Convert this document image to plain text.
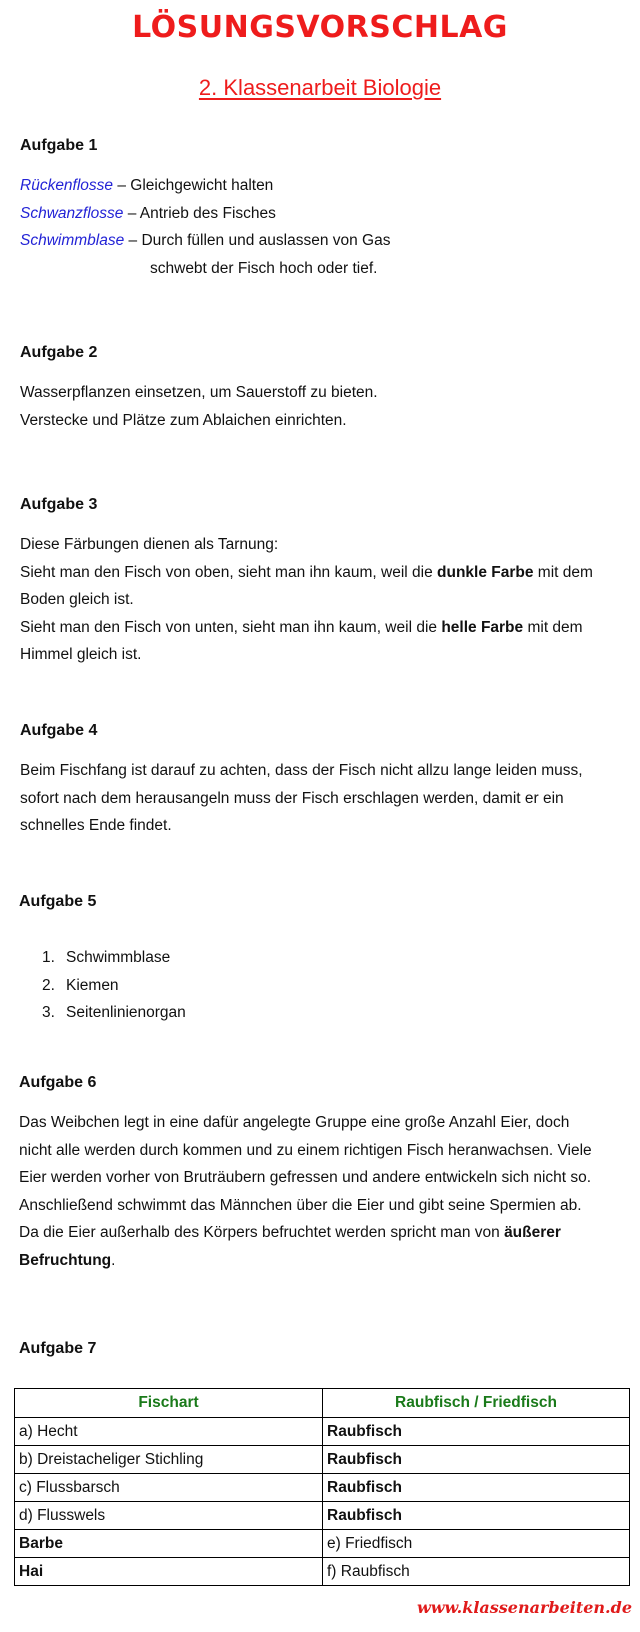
LÖSUNGSVORSCHLAG
2. Klassenarbeit Biologie
Aufgabe 1
Rückenflosse – Gleichgewicht halten
Schwanzflosse – Antrieb des Fisches
Schwimmblase – Durch füllen und auslassen von Gas
schwebt der Fisch hoch oder tief.
Aufgabe 2
Wasserpflanzen einsetzen, um Sauerstoff zu bieten.
Verstecke und Plätze zum Ablaichen einrichten.
Aufgabe 3
Diese Färbungen dienen als Tarnung:
Sieht man den Fisch von oben, sieht man ihn kaum, weil die dunkle Farbe mit dem
Boden gleich ist.
Sieht man den Fisch von unten, sieht man ihn kaum, weil die helle Farbe mit dem
Himmel gleich ist.
Aufgabe 4
Beim Fischfang ist darauf zu achten, dass der Fisch nicht allzu lange leiden muss,
sofort nach dem herausangeln muss der Fisch erschlagen werden, damit er ein
schnelles Ende findet.
Aufgabe 5
1. Schwimmblase
2. Kiemen
3. Seitenlinienorgan
Aufgabe 6
Das Weibchen legt in eine dafür angelegte Gruppe eine große Anzahl Eier, doch
nicht alle werden durch kommen und zu einem richtigen Fisch heranwachsen. Viele
Eier werden vorher von Bruträubern gefressen und andere entwickeln sich nicht so.
Anschließend schwimmt das Männchen über die Eier und gibt seine Spermien ab.
Da die Eier außerhalb des Körpers befruchtet werden spricht man von äußerer
Befruchtung.
Aufgabe 7
Fischart	Raubfisch / Friedfisch
a) Hecht	Raubfisch
b) Dreistacheliger Stichling	Raubfisch
c) Flussbarsch	Raubfisch
d) Flusswels	Raubfisch
Barbe	e) Friedfisch
Hai	f) Raubfisch
www.klassenarbeiten.de
